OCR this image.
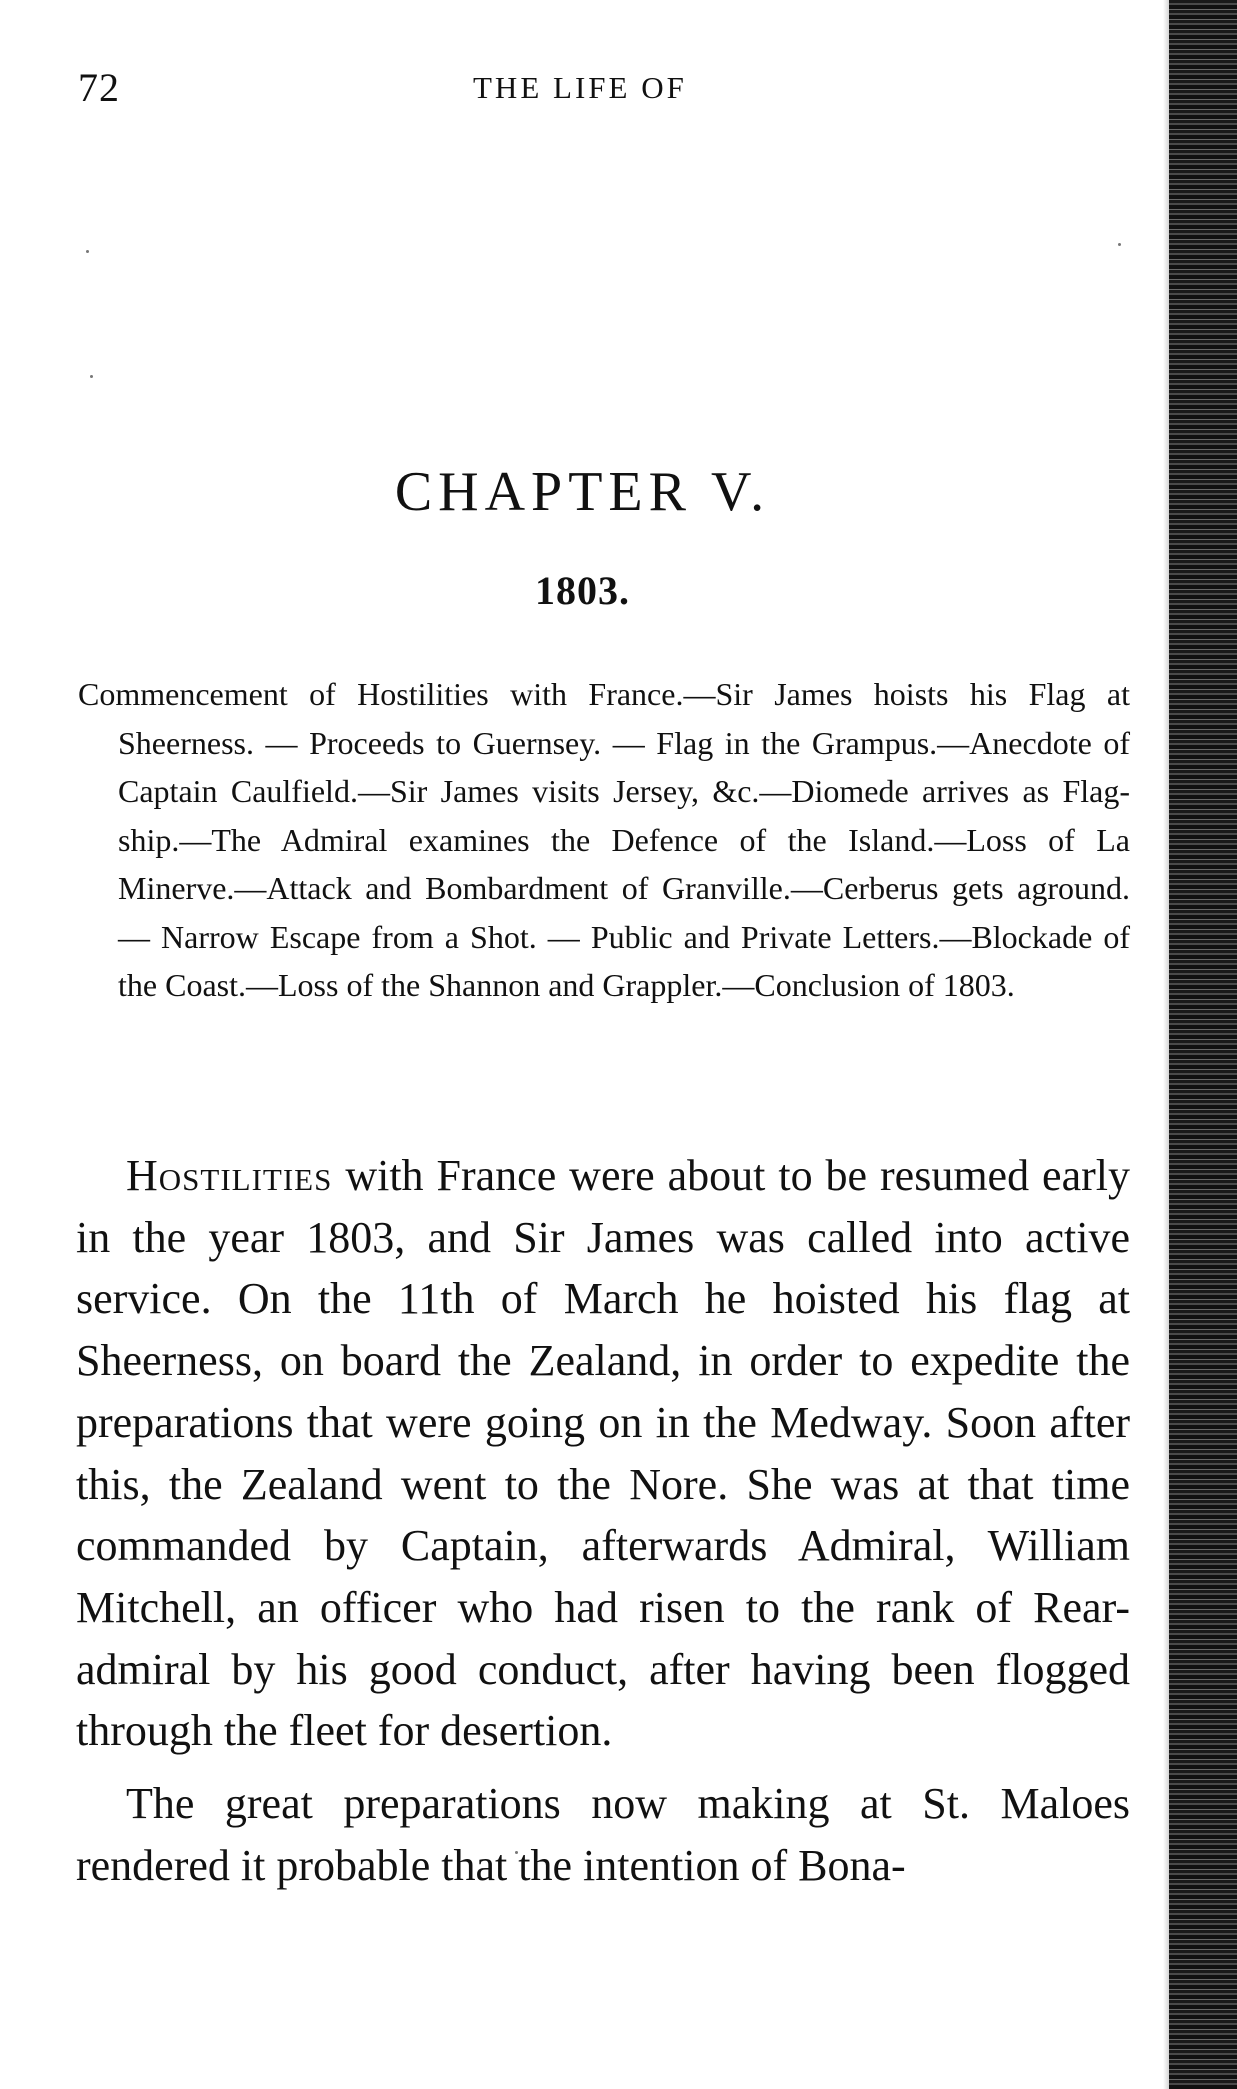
72	THE LIFE OF
CHAPTER V.
1803.
Commencement of Hostilities with France.—Sir James hoists his Flag at Sheerness. — Proceeds to Guernsey. — Flag in the Grampus.—Anecdote of Captain Caulfield.—Sir James visits Jersey, &c.—Diomede arrives as Flag-ship.—The Admiral examines the Defence of the Island.—Loss of La Minerve.—Attack and Bombardment of Granville.—Cerberus gets aground. — Narrow Escape from a Shot. — Public and Private Letters.—Blockade of the Coast.—Loss of the Shannon and Grappler.—Conclusion of 1803.

Hostilities with France were about to be resumed early in the year 1803, and Sir James was called into active service. On the 11th of March he hoisted his flag at Sheerness, on board the Zealand, in order to expedite the preparations that were going on in the Medway. Soon after this, the Zealand went to the Nore. She was at that time commanded by Captain, afterwards Admiral, William Mitchell, an officer who had risen to the rank of Rear-admiral by his good conduct, after having been flogged through the fleet for desertion.

The great preparations now making at St. Maloes rendered it probable that the intention of Bona-
